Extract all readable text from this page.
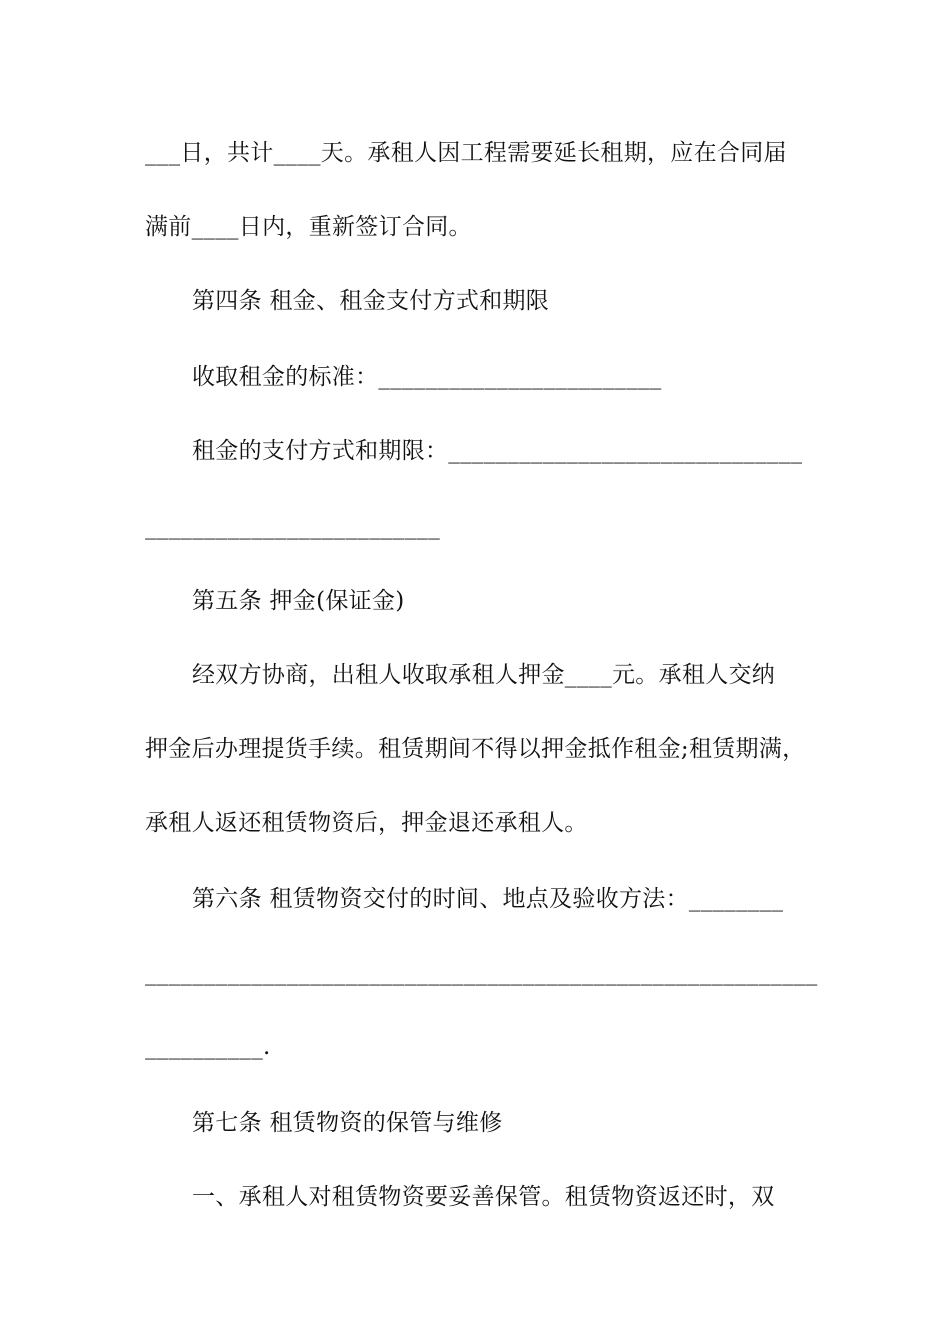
___日，共计____天。承租人因工程需要延长租期，应在合同届
满前____日内，重新签订合同。
第四条 租金、租金支付方式和期限
收取租金的标准：________________________
租金的支付方式和期限：______________________________
_________________________
第五条 押金(保证金)
经双方协商，出租人收取承租人押金____元。承租人交纳
押金后办理提货手续。租赁期间不得以押金抵作租金;租赁期满，
承租人返还租赁物资后，押金退还承租人。
第六条 租赁物资交付的时间、地点及验收方法：________
_________________________________________________________
__________.
第七条 租赁物资的保管与维修
一、承租人对租赁物资要妥善保管。租赁物资返还时，双
